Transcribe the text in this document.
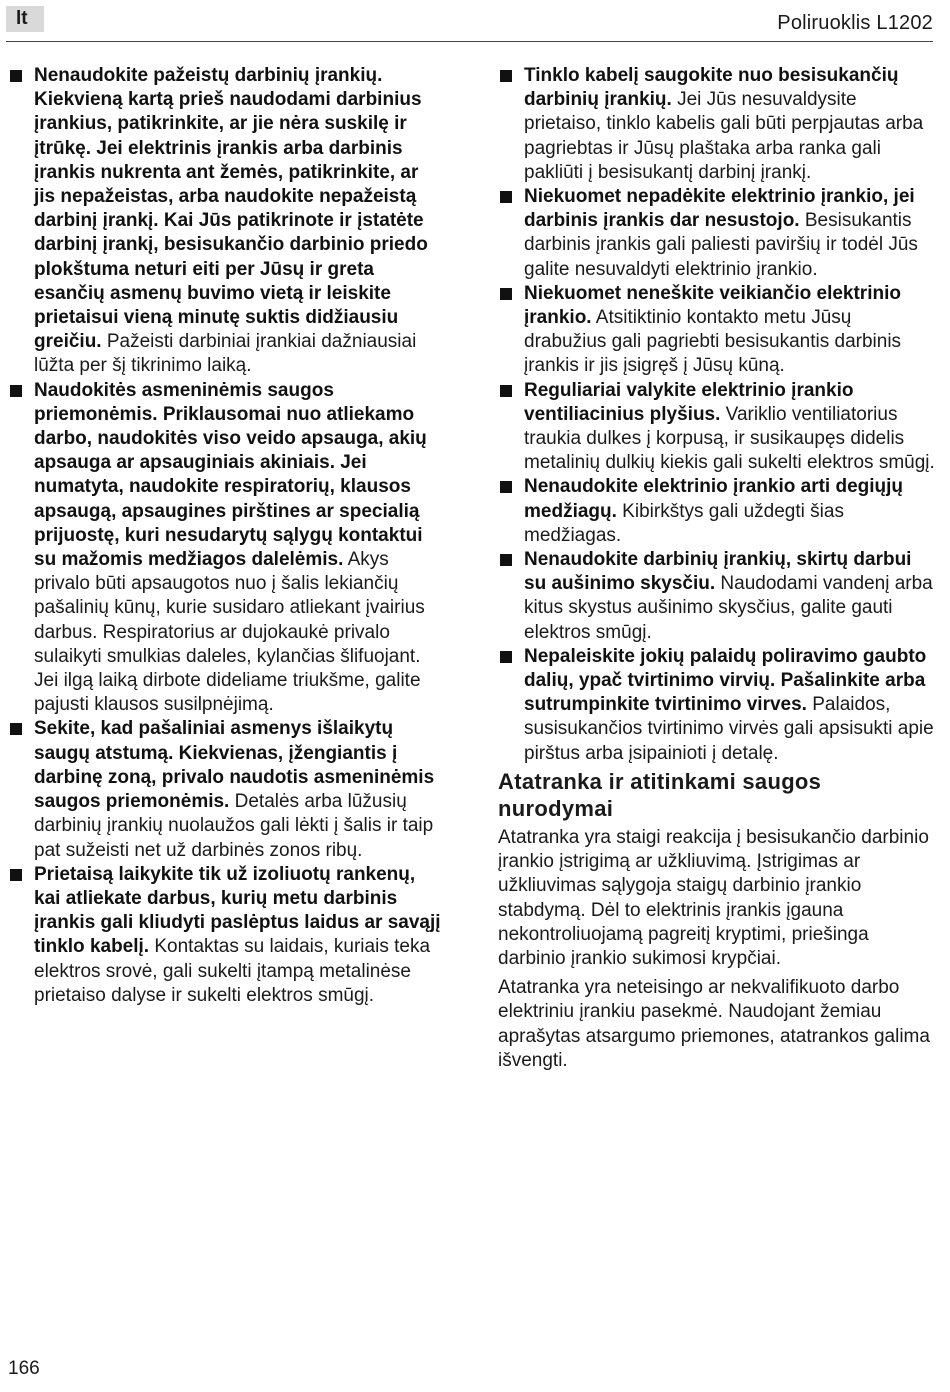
lt	Poliruoklis L1202
Nenaudokite pažeistų darbinių įrankių. Kiekvieną kartą prieš naudodami darbinius įrankius, patikrinkite, ar jie nėra suskilę ir įtrūkę. Jei elektrinis įrankis arba darbinis įrankis nukrenta ant žemės, patikrinkite, ar jis nepažeistas, arba naudokite nepažeistą darbinį įrankį. Kai Jūs patikrinote ir įstatėte darbinį įrankį, besisukančio darbinio priedo plokštuma neturi eiti per Jūsų ir greta esančių asmenų buvimo vietą ir leiskite prietaisui vieną minutę suktis didžiausiu greičiu. Pažeisti darbiniai įrankiai dažniausiai lūžta per šį tikrinimo laiką.
Naudokitės asmeninėmis saugos priemonėmis. Priklausomai nuo atliekamo darbo, naudokitės viso veido apsauga, akių apsauga ar apsauginiais akiniais. Jei numatyta, naudokite respiratorių, klausos apsaugą, apsaugines pirštines ar specialią prijuostę, kuri nesudarytų sąlygų kontaktui su mažomis medžiagos dalelėmis. Akys privalo būti apsaugotos nuo į šalis lekiančių pašalinių kūnų, kurie susidaro atliekant įvairius darbus. Respiratorius ar dujokaukė privalo sulaikyti smulkias daleles, kylančias šlifuojant. Jei ilgą laiką dirbote dideliame triukšme, galite pajusti klausos susilpnėjimą.
Sekite, kad pašaliniai asmenys išlaikytų saugų atstumą. Kiekvienas, įžengiantis į darbinę zoną, privalo naudotis asmeninėmis saugos priemonėmis. Detalės arba lūžusių darbinių įrankių nuolaužos gali lėkti į šalis ir taip pat sužeisti net už darbinės zonos ribų.
Prietaisą laikykite tik už izoliuotų rankenų, kai atliekate darbus, kurių metu darbinis įrankis gali kliudyti paslėptus laidus ar savąjį tinklo kabelį. Kontaktas su laidais, kuriais teka elektros srovė, gali sukelti įtampą metalinėse prietaiso dalyse ir sukelti elektros smūgį.
Tinklo kabelį saugokite nuo besisukančių darbinių įrankių. Jei Jūs nesuvaldysite prietaiso, tinklo kabelis gali būti perpjautas arba pagriebtas ir Jūsų plaštaka arba ranka gali pakliūti į besisukantį darbinį įrankį.
Niekuomet nepadėkite elektrinio įrankio, jei darbinis įrankis dar nesustojo. Besisukantis darbinis įrankis gali paliesti paviršių ir todėl Jūs galite nesuvaldyti elektrinio įrankio.
Niekuomet neneškite veikiančio elektrinio įrankio. Atsitiktinio kontakto metu Jūsų drabužius gali pagriebti besisukantis darbinis įrankis ir jis įsigręš į Jūsų kūną.
Reguliariai valykite elektrinio įrankio ventiliacinius plyšius. Variklio ventiliatorius traukia dulkes į korpusą, ir susikaupęs didelis metalinių dulkių kiekis gali sukelti elektros smūgį.
Nenaudokite elektrinio įrankio arti degiųjų medžiagų. Kibirkštys gali uždegti šias medžiagas.
Nenaudokite darbinių įrankių, skirtų darbui su aušinimo skysčiu. Naudodami vandenį arba kitus skystus aušinimo skysčius, galite gauti elektros smūgį.
Nepaleiskite jokių palaidų poliravimo gaubto dalių, ypač tvirtinimo virvių. Pašalinkite arba sutrumpinkite tvirtinimo virves. Palaidos, susisukančios tvirtinimo virvės gali apsisukti apie pirštus arba įsipainioti į detalę.
Atatranka ir atitinkami saugos nurodymai
Atatranka yra staigi reakcija į besisukančio darbinio įrankio įstrigimą ar užkliuvimą. Įstrigimas ar užkliuvimas sąlygoja staigų darbinio įrankio stabdymą. Dėl to elektrinis įrankis įgauna nekontroliuojamą pagreitį kryptimi, priešinga darbinio įrankio sukimosi krypčiai.
Atatranka yra neteisingo ar nekvalifikuoto darbo elektriniu įrankiu pasekmė. Naudojant žemiau aprašytas atsargumo priemones, atatrankos galima išvengti.
166
